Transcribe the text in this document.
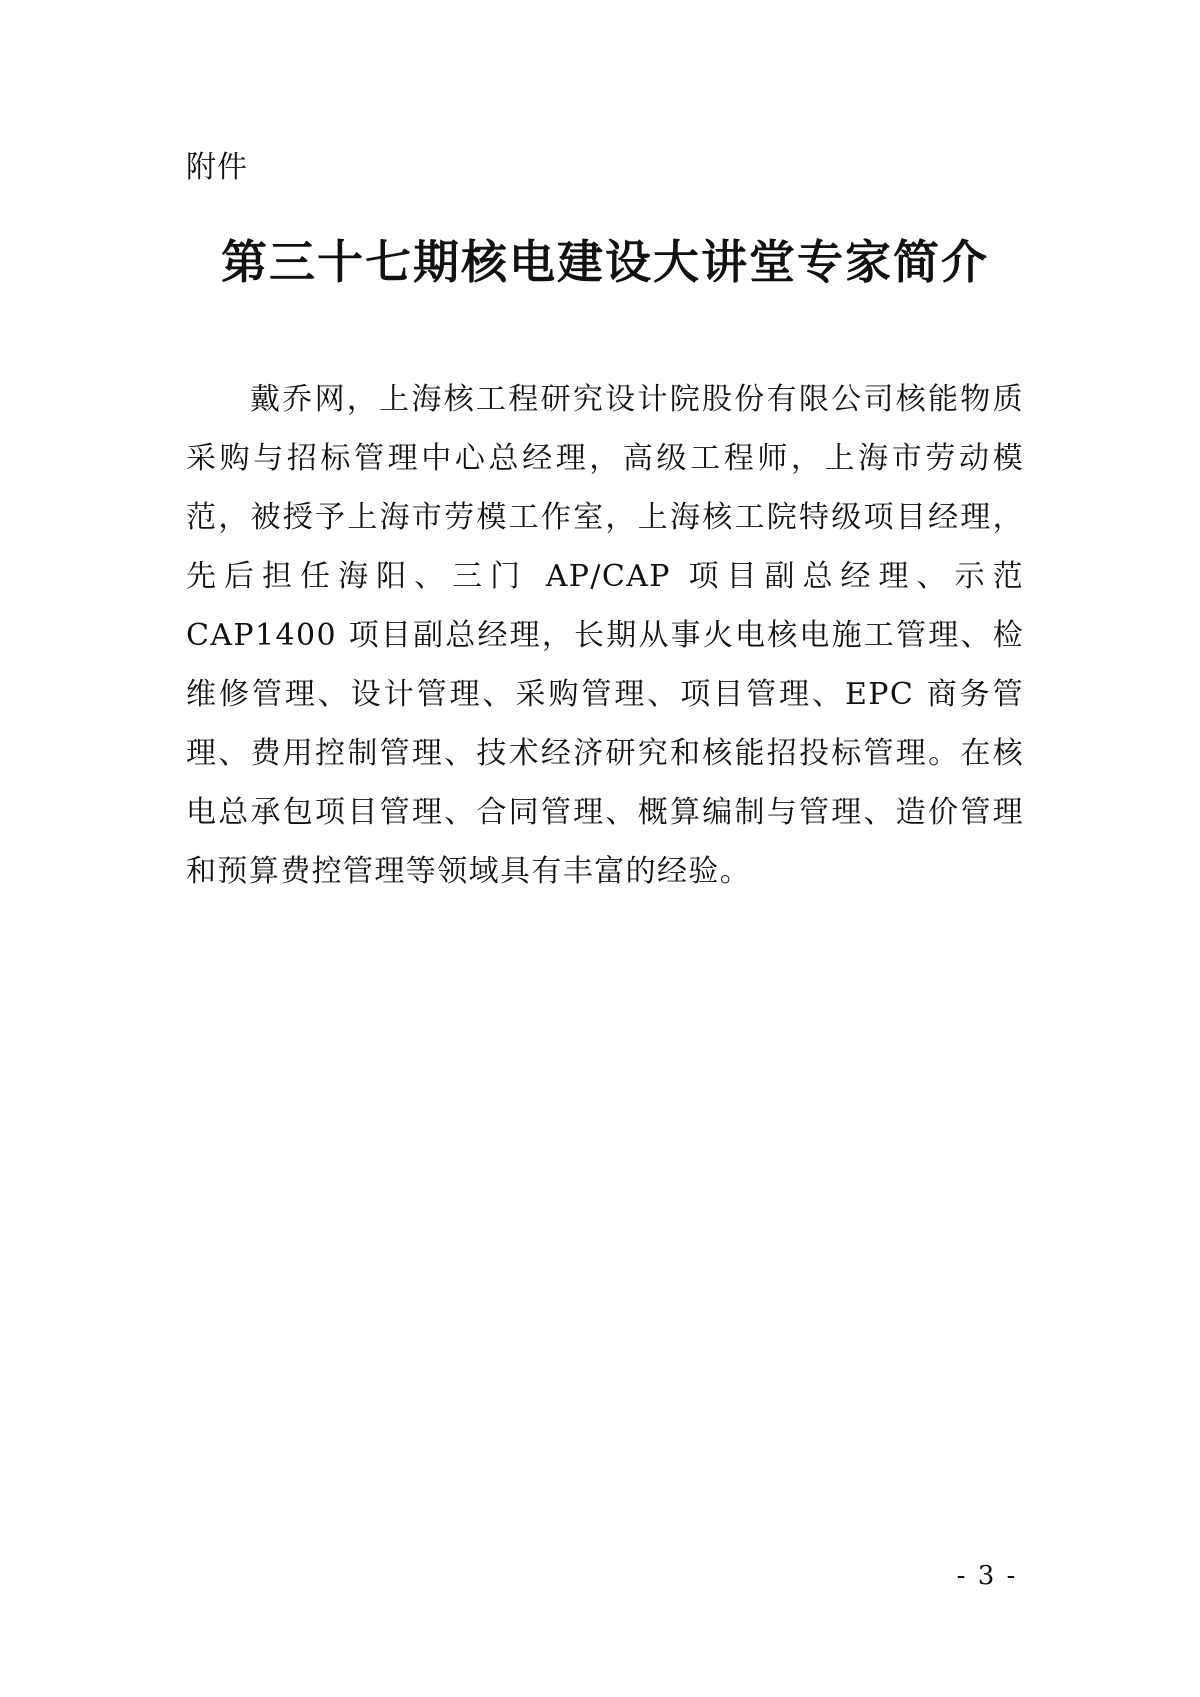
附件
第三十七期核电建设大讲堂专家简介

戴乔网，上海核工程研究设计院股份有限公司核能物质采购与招标管理中心总经理，高级工程师，上海市劳动模范，被授予上海市劳模工作室，上海核工院特级项目经理，先后担任海阳、三门 AP/CAP 项目副总经理、示范 CAP1400 项目副总经理，长期从事火电核电施工管理、检维修管理、设计管理、采购管理、项目管理、EPC 商务管理、费用控制管理、技术经济研究和核能招投标管理。在核电总承包项目管理、合同管理、概算编制与管理、造价管理和预算费控管理等领域具有丰富的经验。

- 3 -
